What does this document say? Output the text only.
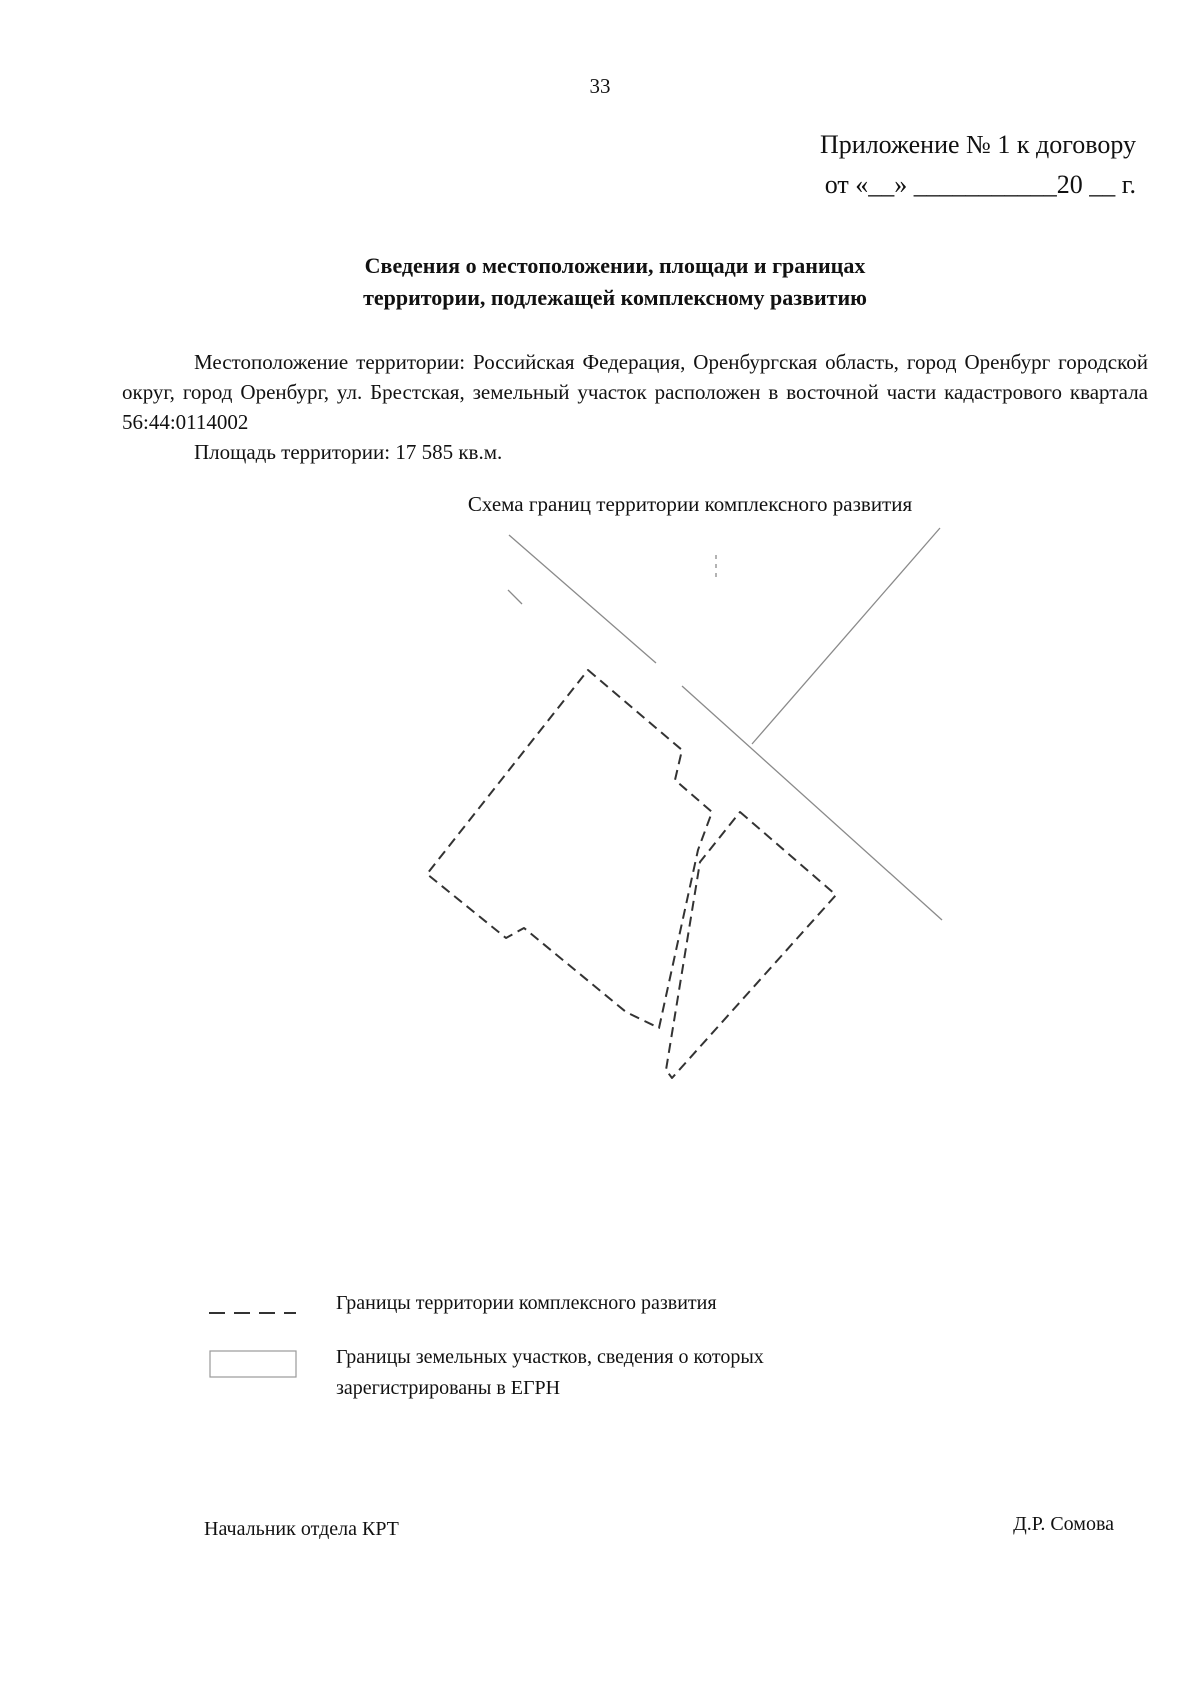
33
Приложение № 1 к договору
от «__» ___________20 __ г.
Сведения о местоположении, площади и границах
территории, подлежащей комплексному развитию
Местоположение территории: Российская Федерация, Оренбургская область, город Оренбург городской округ, город Оренбург, ул. Брестская, земельный участок расположен в восточной части кадастрового квартала 56:44:0114002
Площадь территории: 17 585 кв.м.
Схема границ территории комплексного развития
Границы территории комплексного развития
Границы земельных участков, сведения о которых
зарегистрированы в ЕГРН
Начальник отдела КРТ	Д.Р. Сомова
